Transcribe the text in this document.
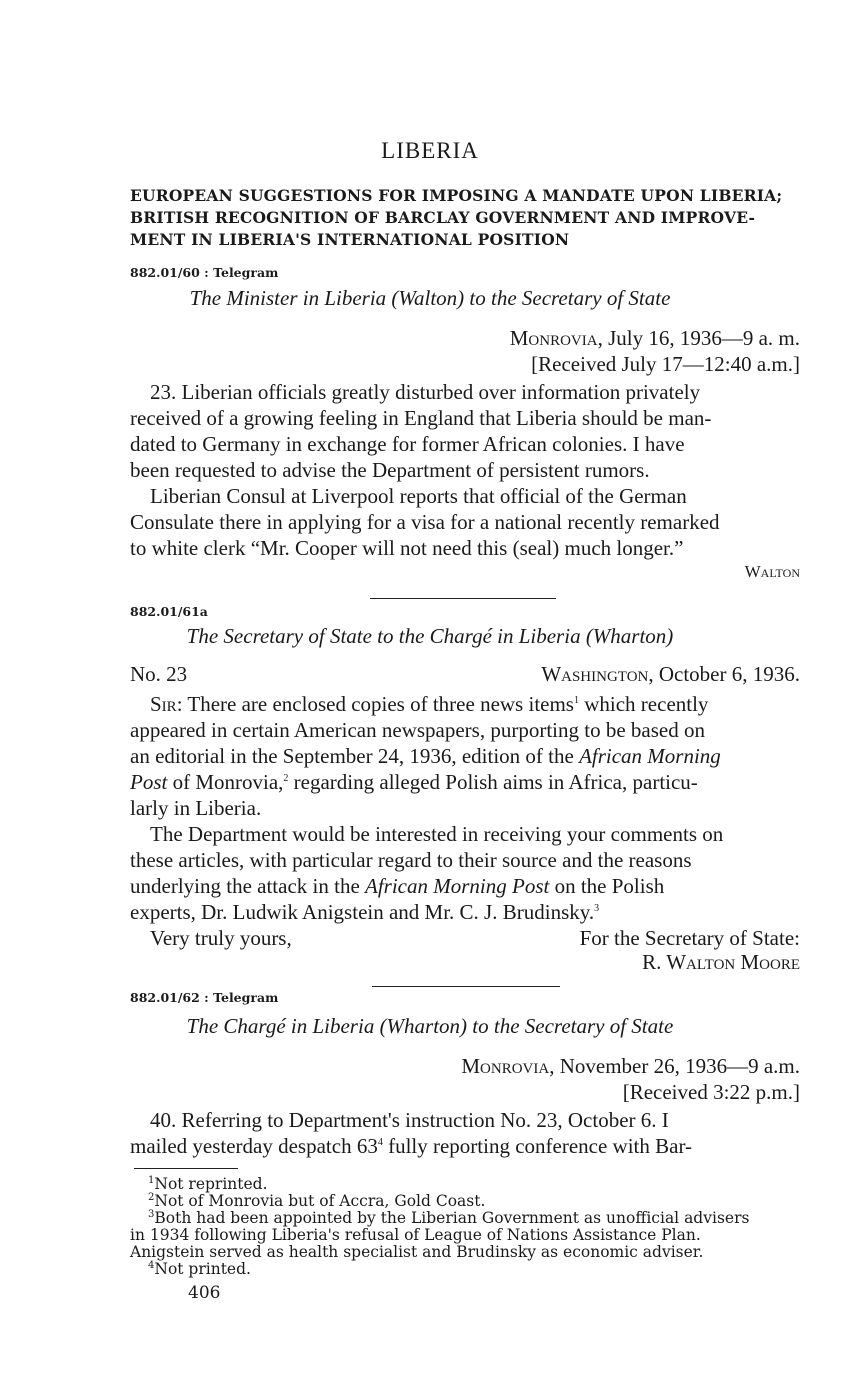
LIBERIA
EUROPEAN SUGGESTIONS FOR IMPOSING A MANDATE UPON LIBERIA;
BRITISH RECOGNITION OF BARCLAY GOVERNMENT AND IMPROVE-
MENT IN LIBERIA'S INTERNATIONAL POSITION
882.01/60 : Telegram
The Minister in Liberia (Walton) to the Secretary of State
Monrovia, July 16, 1936—9 a. m.
[Received July 17—12:40 a.m.]
23. Liberian officials greatly disturbed over information privately
received of a growing feeling in England that Liberia should be man-
dated to Germany in exchange for former African colonies. I have
been requested to advise the Department of persistent rumors.
Liberian Consul at Liverpool reports that official of the German
Consulate there in applying for a visa for a national recently remarked
to white clerk “Mr. Cooper will not need this (seal) much longer.”
Walton
882.01/61a
The Secretary of State to the Chargé in Liberia (Wharton)
No. 23	Washington, October 6, 1936.
Sir: There are enclosed copies of three news items$^1$ which recently
appeared in certain American newspapers, purporting to be based on
an editorial in the September 24, 1936, edition of the African Morning
Post of Monrovia,$^2$ regarding alleged Polish aims in Africa, particu-
larly in Liberia.
The Department would be interested in receiving your comments on
these articles, with particular regard to their source and the reasons
underlying the attack in the African Morning Post on the Polish
experts, Dr. Ludwik Anigstein and Mr. C. J. Brudinsky.$^3$
Very truly yours,	For the Secretary of State:
R. Walton Moore
882.01/62 : Telegram
The Chargé in Liberia (Wharton) to the Secretary of State
Monrovia, November 26, 1936—9 a.m.
[Received 3:22 p.m.]
40. Referring to Department's instruction No. 23, October 6. I
mailed yesterday despatch $63^4$ fully reporting conference with Bar-
$^1$Not reprinted.
$^2$Not of Monrovia but of Accra, Gold Coast.
$^3$Both had been appointed by the Liberian Government as unofficial advisers
in 1934 following Liberia's refusal of League of Nations Assistance Plan.
Anigstein served as health specialist and Brudinsky as economic adviser.
$^4$Not printed.
406
